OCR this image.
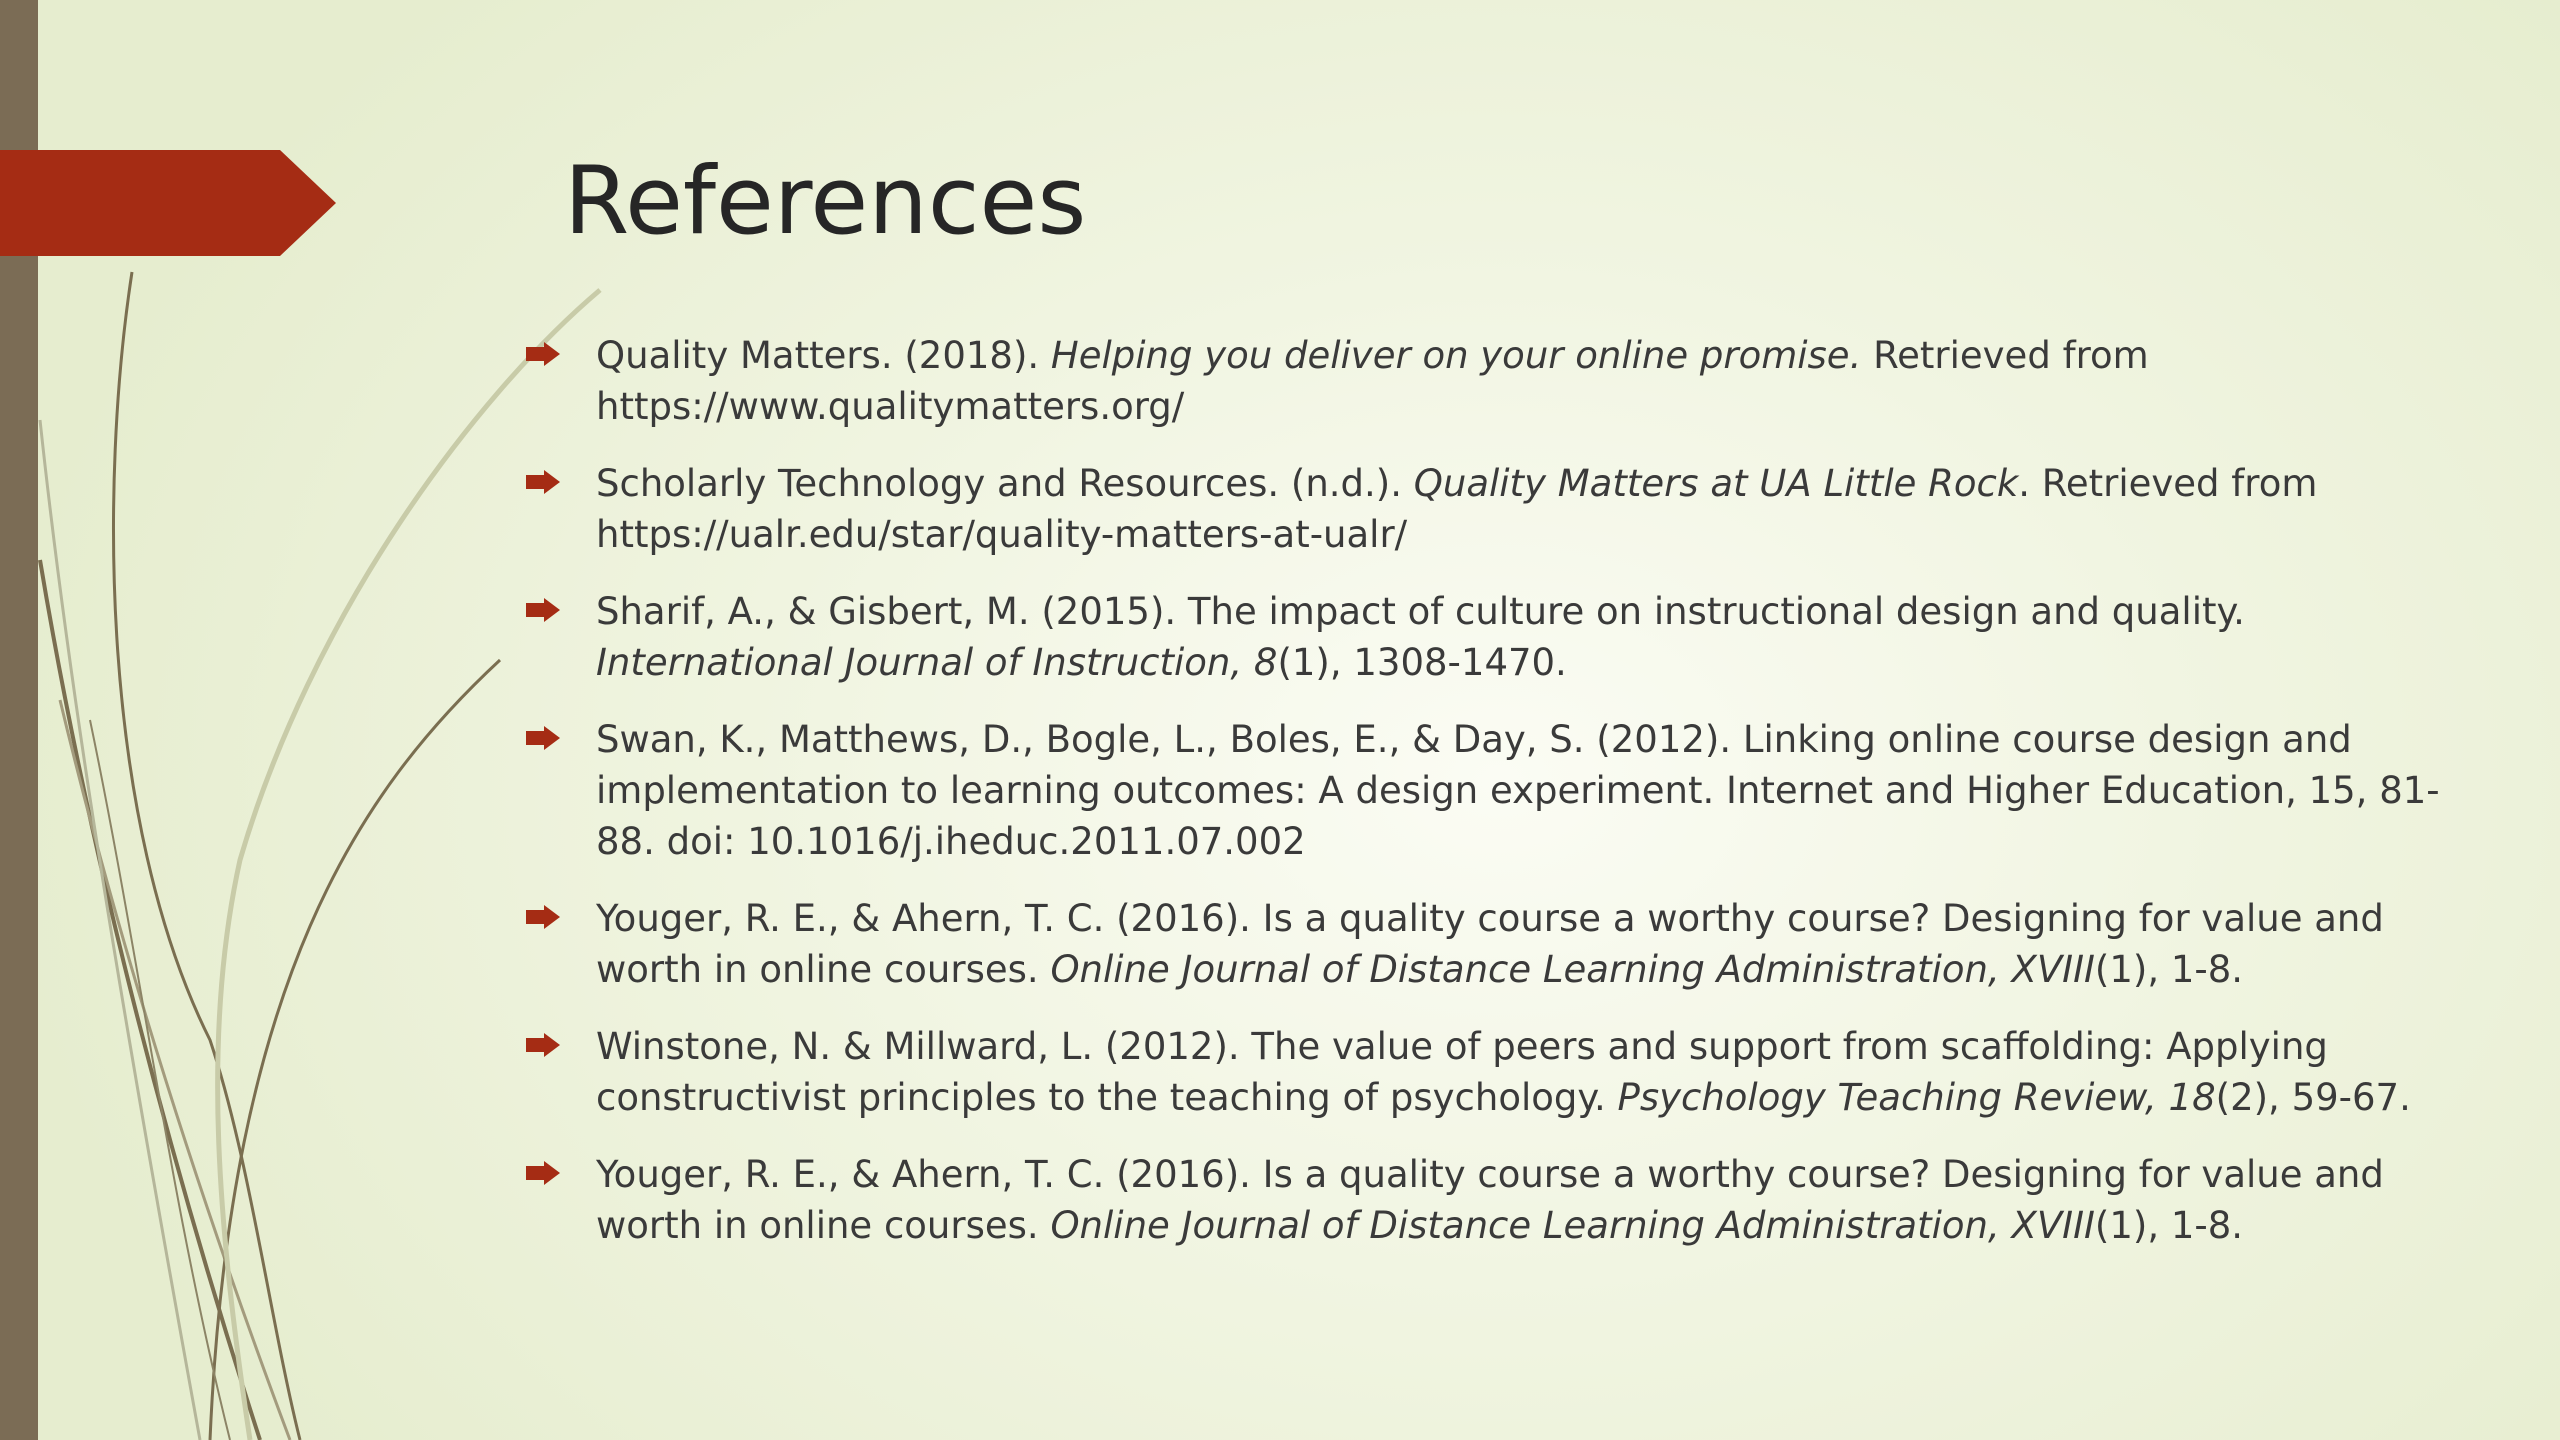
References
Quality Matters. (2018). Helping you deliver on your online promise. Retrieved from https://www.qualitymatters.org/
Scholarly Technology and Resources. (n.d.). Quality Matters at UA Little Rock. Retrieved from https://ualr.edu/star/quality-matters-at-ualr/
Sharif, A., & Gisbert, M. (2015). The impact of culture on instructional design and quality. International Journal of Instruction, 8(1), 1308-1470.
Swan, K., Matthews, D., Bogle, L., Boles, E., & Day, S. (2012). Linking online course design and implementation to learning outcomes: A design experiment. Internet and Higher Education, 15, 81-88. doi: 10.1016/j.iheduc.2011.07.002
Youger, R. E., & Ahern, T. C. (2016). Is a quality course a worthy course? Designing for value and worth in online courses. Online Journal of Distance Learning Administration, XVIII(1), 1-8.
Winstone, N. & Millward, L. (2012). The value of peers and support from scaffolding: Applying constructivist principles to the teaching of psychology. Psychology Teaching Review, 18(2), 59-67.
Youger, R. E., & Ahern, T. C. (2016). Is a quality course a worthy course? Designing for value and worth in online courses. Online Journal of Distance Learning Administration, XVIII(1), 1-8.
